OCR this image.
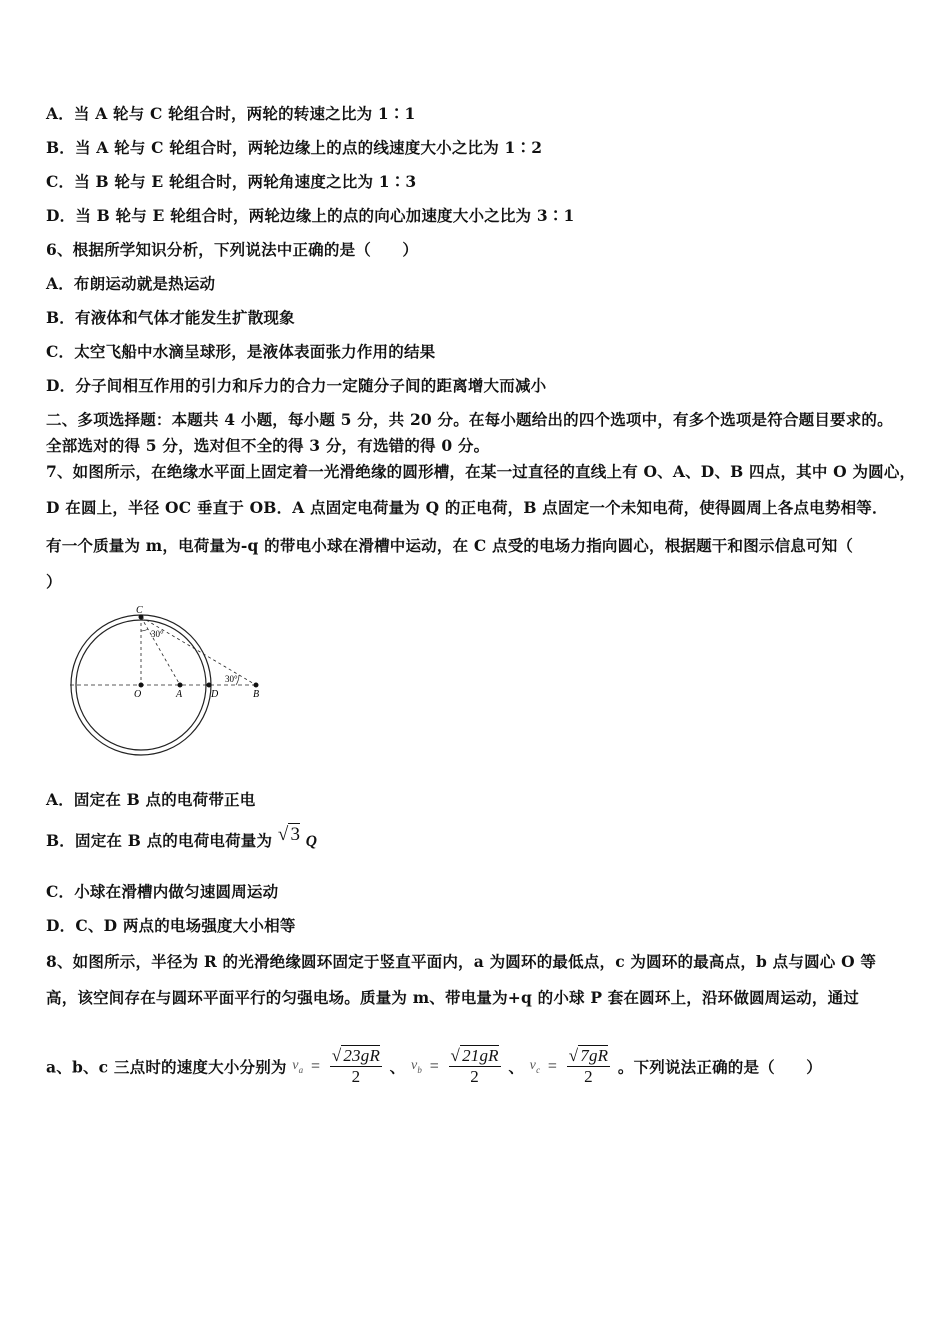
A．当 A 轮与 C 轮组合时，两轮的转速之比为 1∶1
B．当 A 轮与 C 轮组合时，两轮边缘上的点的线速度大小之比为 1∶2
C．当 B 轮与 E 轮组合时，两轮角速度之比为 1∶3
D．当 B 轮与 E 轮组合时，两轮边缘上的点的向心加速度大小之比为 3∶1
6、根据所学知识分析，下列说法中正确的是（　　）
A．布朗运动就是热运动
B．有液体和气体才能发生扩散现象
C．太空飞船中水滴呈球形，是液体表面张力作用的结果
D．分子间相互作用的引力和斥力的合力一定随分子间的距离增大而减小
二、多项选择题：本题共 4 小题，每小题 5 分，共 20 分。在每小题给出的四个选项中，有多个选项是符合题目要求的。
全部选对的得 5 分，选对但不全的得 3 分，有选错的得 0 分。
7、如图所示，在绝缘水平面上固定着一光滑绝缘的圆形槽，在某一过直径的直线上有 O、A、D、B 四点，其中 O 为圆心，
D 在圆上，半径 OC 垂直于 OB．A 点固定电荷量为 Q 的正电荷，B 点固定一个未知电荷，使得圆周上各点电势相等．
有一个质量为 m，电荷量为-q 的带电小球在滑槽中运动，在 C 点受的电场力指向圆心，根据题干和图示信息可知（
）
C
O	A	D	B
30°
30°
A．固定在 B 点的电荷带正电
B．固定在 B 点的电荷电荷量为 √ 3 Q
C．小球在滑槽内做匀速圆周运动
D．C、D 两点的电场强度大小相等
8、如图所示，半径为 R 的光滑绝缘圆环固定于竖直平面内，a 为圆环的最低点，c 为圆环的最高点，b 点与圆心 O 等
高，该空间存在与圆环平面平行的匀强电场。质量为 m、带电量为+q 的小球 P 套在圆环上，沿环做圆周运动，通过
a、b、c 三点时的速度大小分别为 $v_a = \frac{√ 23gR}{2}$ 、 $v_b = \frac{√ 21gR}{2}$ 、 $v_c = \frac{√ 7gR}{2}$ 。下列说法正确的是（　　）
